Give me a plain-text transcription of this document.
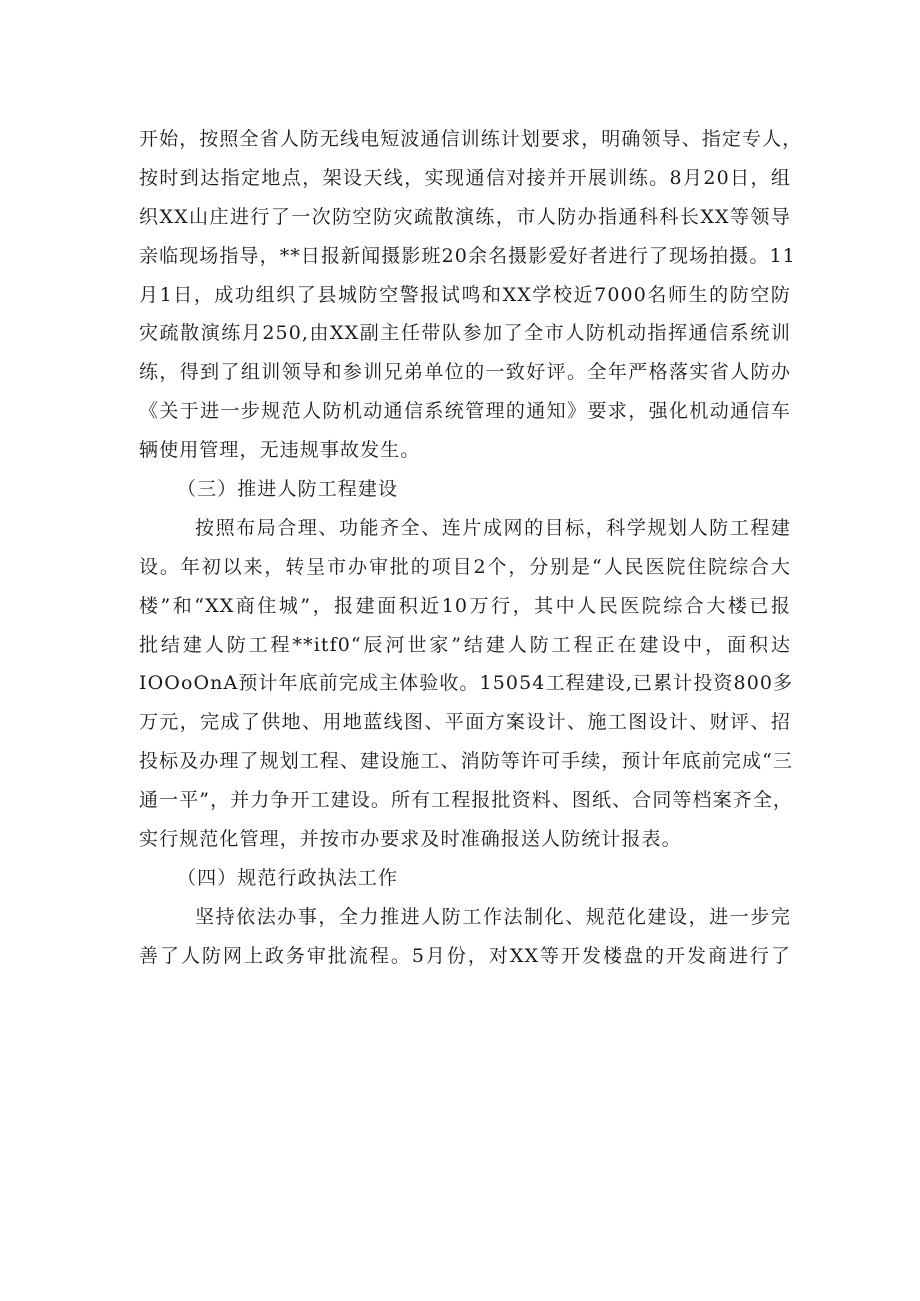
开始，按照全省人防无线电短波通信训练计划要求，明确领导、指定专人，
按时到达指定地点，架设天线，实现通信对接并开展训练。8月20日，组
织XX山庄进行了一次防空防灾疏散演练，市人防办指通科科长XX等领导
亲临现场指导，**日报新闻摄影班20余名摄影爱好者进行了现场拍摄。11
月1日，成功组织了县城防空警报试鸣和XX学校近7000名师生的防空防
灾疏散演练月250,由XX副主任带队参加了全市人防机动指挥通信系统训
练，得到了组训领导和参训兄弟单位的一致好评。全年严格落实省人防办
《关于进一步规范人防机动通信系统管理的通知》要求，强化机动通信车
辆使用管理，无违规事故发生。
（三）推进人防工程建设
按照布局合理、功能齐全、连片成网的目标，科学规划人防工程建
设。年初以来，转呈市办审批的项目2个，分别是“人民医院住院综合大
楼”和“XX商住城”，报建面积近10万行，其中人民医院综合大楼已报
批结建人防工程**itf0“辰河世家”结建人防工程正在建设中，面积达
IOOoOnA预计年底前完成主体验收。15054工程建设,已累计投资800多
万元，完成了供地、用地蓝线图、平面方案设计、施工图设计、财评、招
投标及办理了规划工程、建设施工、消防等许可手续，预计年底前完成“三
通一平”，并力争开工建设。所有工程报批资料、图纸、合同等档案齐全，
实行规范化管理，并按市办要求及时准确报送人防统计报表。
（四）规范行政执法工作
坚持依法办事，全力推进人防工作法制化、规范化建设，进一步完
善了人防网上政务审批流程。5月份，对XX等开发楼盘的开发商进行了
